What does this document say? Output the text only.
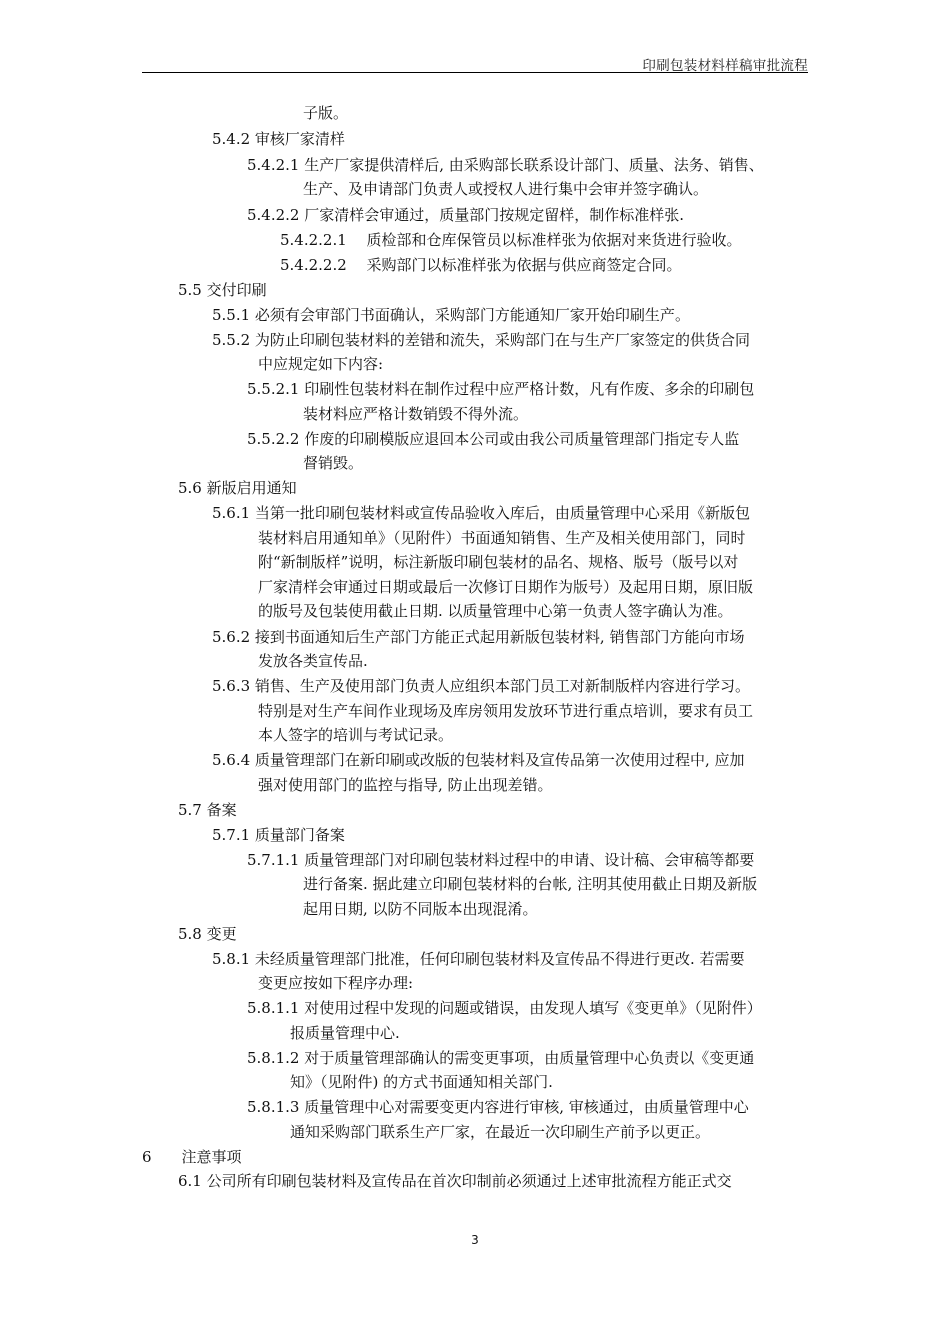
印刷包装材料样稿审批流程
子版。
5.4.2 审核厂家清样
5.4.2.1 生产厂家提供清样后, 由采购部长联系设计部门、质量、法务、销售、
生产、及申请部门负责人或授权人进行集中会审并签字确认。
5.4.2.2 厂家清样会审通过，质量部门按规定留样，制作标准样张.
5.4.2.2.1　 质检部和仓库保管员以标准样张为依据对来货进行验收。
5.4.2.2.2　 采购部门以标准样张为依据与供应商签定合同。
5.5 交付印刷
5.5.1 必须有会审部门书面确认，采购部门方能通知厂家开始印刷生产。
5.5.2 为防止印刷包装材料的差错和流失，采购部门在与生产厂家签定的供货合同
中应规定如下内容:
5.5.2.1 印刷性包装材料在制作过程中应严格计数，凡有作废、多余的印刷包
装材料应严格计数销毁不得外流。
5.5.2.2 作废的印刷模版应退回本公司或由我公司质量管理部门指定专人监
督销毁。
5.6 新版启用通知
5.6.1 当第一批印刷包装材料或宣传品验收入库后，由质量管理中心采用《新版包
装材料启用通知单》（见附件）书面通知销售、生产及相关使用部门，同时
附“新制版样”说明，标注新版印刷包装材的品名、规格、版号（版号以对
厂家清样会审通过日期或最后一次修订日期作为版号）及起用日期，原旧版
的版号及包装使用截止日期. 以质量管理中心第一负责人签字确认为准。
5.6.2 接到书面通知后生产部门方能正式起用新版包装材料, 销售部门方能向市场
发放各类宣传品.
5.6.3 销售、生产及使用部门负责人应组织本部门员工对新制版样内容进行学习。
特别是对生产车间作业现场及库房领用发放环节进行重点培训，要求有员工
本人签字的培训与考试记录。
5.6.4 质量管理部门在新印刷或改版的包装材料及宣传品第一次使用过程中, 应加
强对使用部门的监控与指导, 防止出现差错。
5.7 备案
5.7.1 质量部门备案
5.7.1.1 质量管理部门对印刷包装材料过程中的申请、设计稿、会审稿等都要
进行备案. 据此建立印刷包装材料的台帐, 注明其使用截止日期及新版
起用日期, 以防不同版本出现混淆。
5.8 变更
5.8.1 未经质量管理部门批准，任何印刷包装材料及宣传品不得进行更改. 若需要
变更应按如下程序办理:
5.8.1.1 对使用过程中发现的问题或错误，由发现人填写《变更单》（见附件）
报质量管理中心.
5.8.1.2 对于质量管理部确认的需变更事项，由质量管理中心负责以《变更通
知》（见附件) 的方式书面通知相关部门.
5.8.1.3 质量管理中心对需要变更内容进行审核, 审核通过，由质量管理中心
通知采购部门联系生产厂家，在最近一次印刷生产前予以更正。
6　　注意事项
6.1 公司所有印刷包装材料及宣传品在首次印制前必须通过上述审批流程方能正式交
3
